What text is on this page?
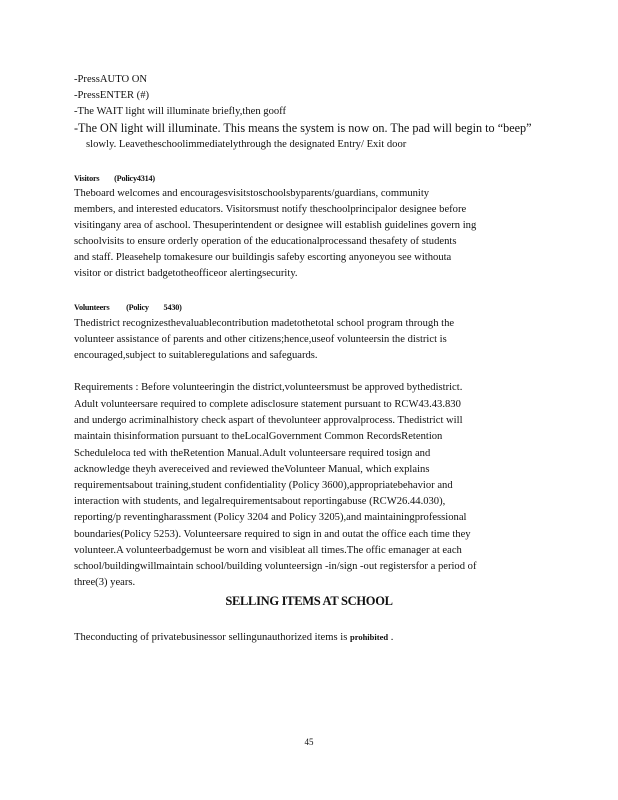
-PressAUTO ON
-PressENTER (#)
-The WAIT light will illuminate briefly,then gooff
-The ON light will illuminate. This means the system is now on. The pad will begin to “beep”
slowly. Leavetheschoolimmediatelythrough the designated Entry/ Exit door
Visitors        (Policy4314)
Theboard welcomes and encouragesvisitstoschoolsbyparents/guardians, community
members, and interested educators. Visitorsmust notify theschoolprincipalor designee before
visitingany area of aschool. Thesuperintendent or designee will establish guidelines govern ing
schoolvisits to ensure orderly operation of the educationalprocessand thesafety of students
and staff. Pleasehelp tomakesure our buildingis safeby escorting anyoneyou see withouta
visitor or district badgetotheofficeor alertingsecurity.
Volunteers         (Policy        5430)
Thedistrict recognizesthevaluablecontribution madetothetotal school program through the
volunteer assistance of parents and other citizens;hence,useof volunteersin the district is
encouraged,subject to suitableregulations and safeguards.
Requirements : Before volunteeringin the district,volunteersmust be approved bythedistrict.
Adult volunteersare required to complete adisclosure statement pursuant to RCW43.43.830
and undergo acriminalhistory check aspart of thevolunteer approvalprocess. Thedistrict will
maintain thisinformation pursuant to theLocalGovernment Common RecordsRetention
Scheduleloca ted with theRetention Manual.Adult volunteersare required tosign and
acknowledge theyh avereceived and reviewed theVolunteer Manual, which explains
requirementsabout training,student confidentiality (Policy 3600),appropriatebehavior and
interaction with students, and legalrequirementsabout reportingabuse (RCW26.44.030),
reporting/p reventingharassment (Policy 3204 and Policy 3205),and maintainingprofessional
boundaries(Policy 5253). Volunteersare required to sign in and outat the office each time they
volunteer.A volunteerbadgemust be worn and visibleat all times.The offic emanager at each
school/buildingwillmaintain school/building volunteersign -in/sign -out registersfor a period of
three(3) years.
SELLING ITEMS AT SCHOOL
Theconducting of privatebusinessor sellingunauthorized items is prohibited .
45
